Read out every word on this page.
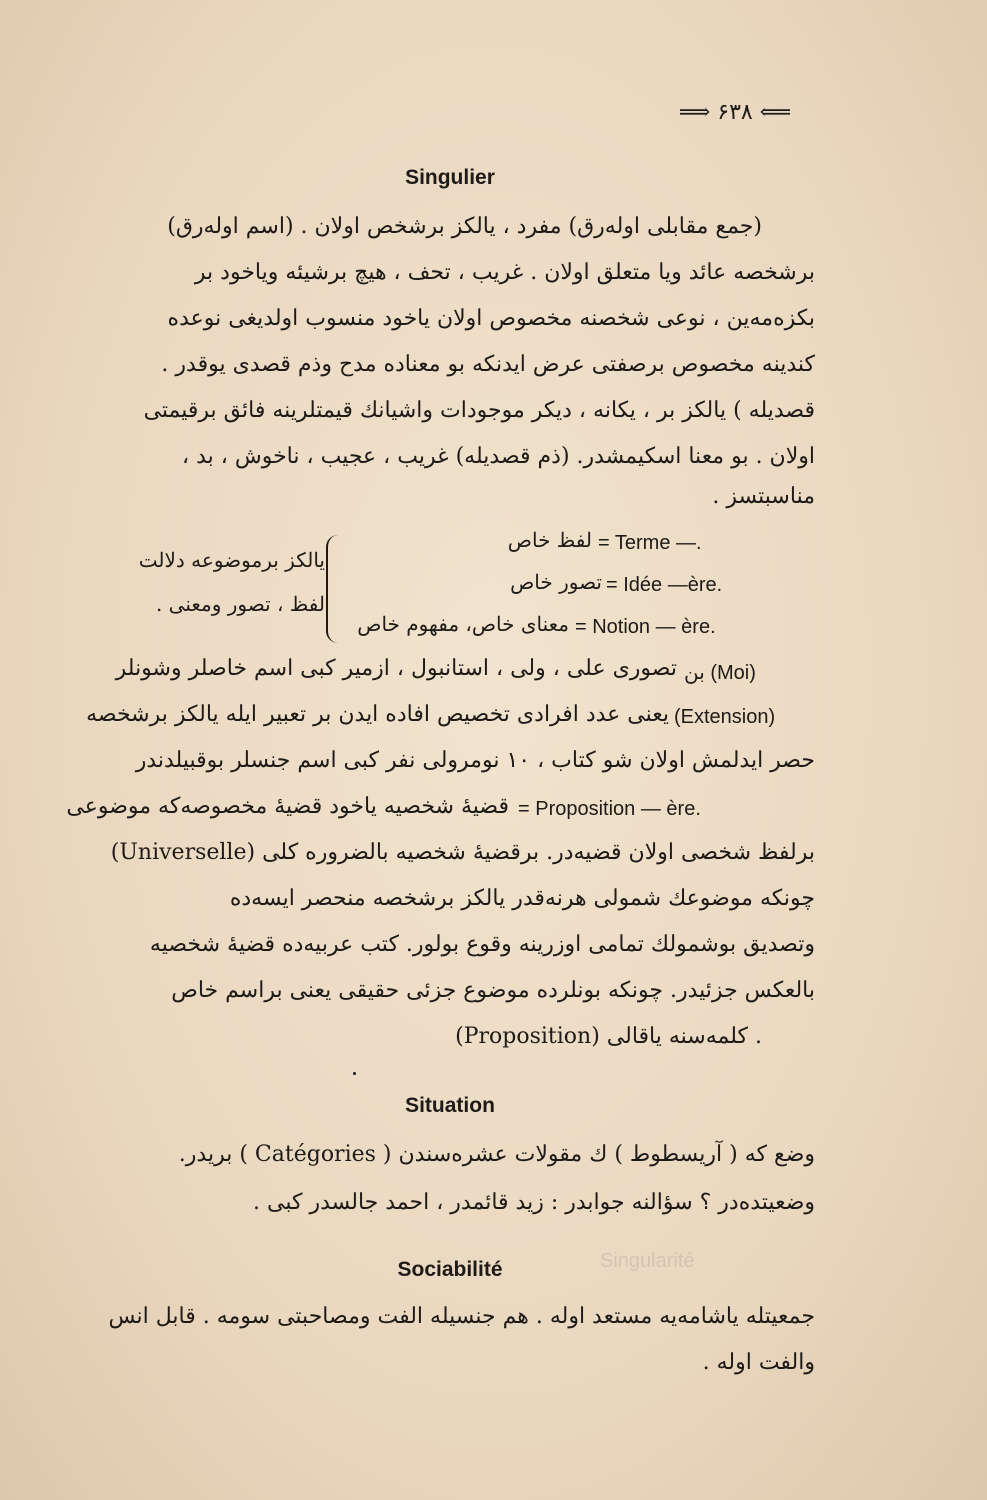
⟹ ۶۳۸ ⟸
Singularité
Singulier
(جمع مقابلی اوله‌رق) مفرد ، یالکز برشخص اولان . (اسم اوله‌رق)
برشخصه عائد ویا متعلق اولان . غریب ، تحف ، هیچ برشیئه ویاخود بر
بکزه‌مه‌ین ، نوعی شخصنه مخصوص اولان یاخود منسوب اولدیغی نوعده
کندینه مخصوص برصفتی عرض ایدنکه بو معناده مدح وذم قصدی یوقدر .
قصدیله ) یالکز بر ، یکانه ، دیکر موجودات واشیانك قیمتلرینه فائق برقیمتی
اولان . بو معنا اسکیمشدر. (ذم قصدیله) غریب ، عجیب ، ناخوش ، بد ،
مناسبتسز .
= Terme —.
لفظ خاص
= Idée —ère.
تصور خاص
= Notion — ère.
معنای خاص، مفهوم خاص
یالکز برموضوعه دلالت
لفظ ، تصور ومعنی .
بن (Moi)
تصوری علی ، ولی ، استانبول ، ازمیر کبی اسم خاصلر وشونلر
(Extension)
یعنی عدد افرادی تخصیص افاده ایدن بر تعبیر ایله یالکز برشخصه
حصر ایدلمش اولان شو کتاب ، ۱۰ نومرولی نفر کبی اسم جنسلر بوقبیلدندر
= Proposition — ère.
قضیهٔ شخصیه یاخود قضیهٔ مخصوصه‌که موضوعی
برلفظ شخصی اولان قضیه‌در. برقضیهٔ شخصیه بالضروره کلی (Universelle)
چونکه موضوعك شمولی هرنه‌قدر یالکز برشخصه منحصر ایسه‌ده
وتصدیق بوشمولك تمامی اوزرینه وقوع بولور. کتب عربیه‌ده قضیهٔ شخصیه
بالعکس جزئیدر. چونکه بونلرده موضوع جزئی حقیقی یعنی براسم خاص
(Proposition) کلمه‌سنه یاقالی .
Situation
وضع که ( آریسطوط ) ك مقولات عشره‌سندن ( Catégories ) بریدر.
وضعیتده‌در ؟ سؤالنه جوابدر : زید قائمدر ، احمد جالسدر کبی .
Sociabilité
جمعیتله یاشامه‌یه مستعد اوله . هم جنسیله الفت ومصاحبتی سومه . قابل انس
والفت اوله .
